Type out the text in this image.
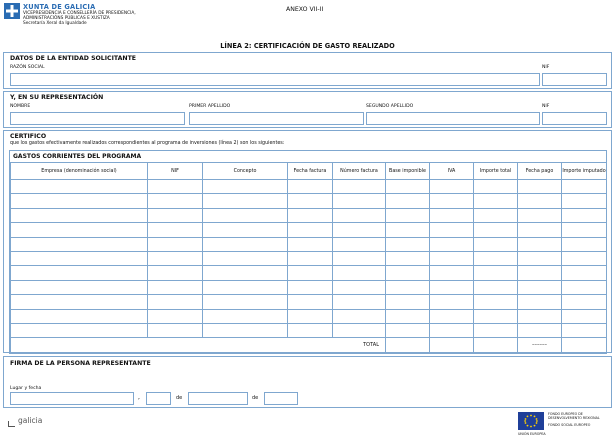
XUNTA DE GALICIA
VICEPRESIDENCIA E CONSELLERÍA DE PRESIDENCIA,
ADMINISTRACIÓNS PÚBLICAS E XUSTIZA
Secretaría Xeral da Igualdade
ANEXO VII-II
LÍNEA 2: CERTIFICACIÓN DE GASTO REALIZADO
DATOS DE LA ENTIDAD SOLICITANTE
RAZÓN SOCIAL	NIF
Y, EN SU REPRESENTACIÓN
NOMBRE	PRIMER APELLIDO	SEGUNDO APELLIDO	NIF
CERTIFICO
que los gastos efectivamente realizados correspondientes al programa de inversiones (línea 2) son los siguientes:
GASTOS CORRIENTES DEL PROGRAMA
Empresa (denominación social)	NIF	Concepto	Fecha factura	Número factura	Base imponible	IVA	Importe total	Fecha pago	Importe imputado

TOTAL								––––––	
FIRMA DE LA PERSONA REPRESENTANTE
Lugar y fecha
,	de	de
galicia
FONDO EUROPEO DE
DESENVOLVEMENTO REXIONAL
FONDO SOCIAL EUROPEO
UNIÓN EUROPEA
